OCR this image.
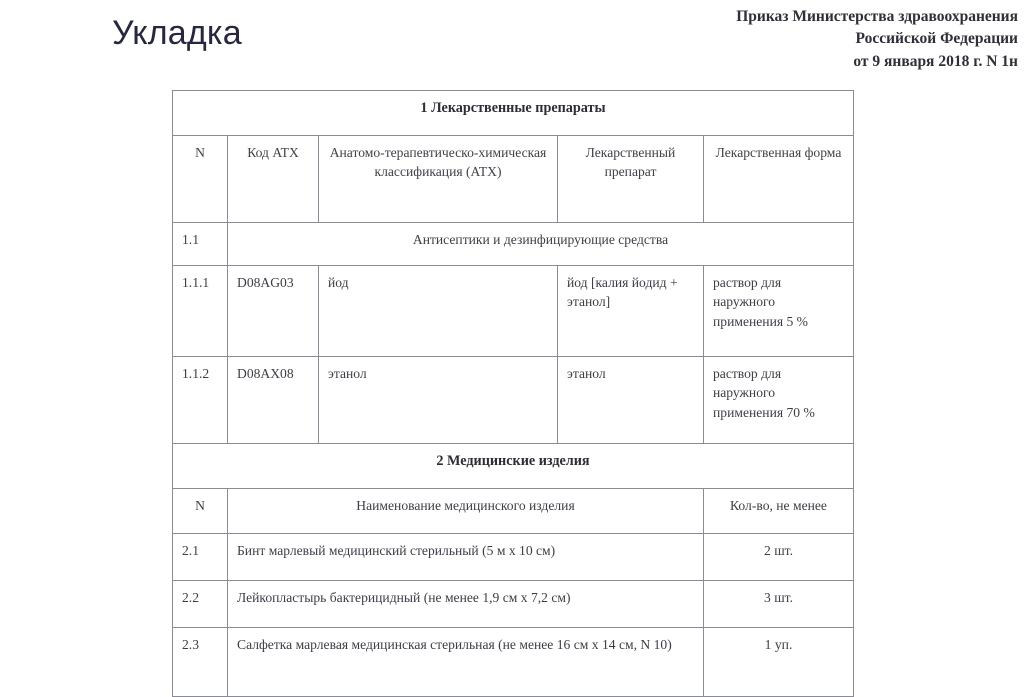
Укладка	Приказ Министерства здравоохранения
Российской Федерации
от 9 января 2018 г. N 1н
1 Лекарственные препараты				
N	Код ATX	Анатомо-терапевтическо-химическая классификация (ATX)	Лекарственный препарат	Лекарственная форма
1.1	Антисептики и дезинфицирующие средства			
1.1.1	D08AG03	йод	йод [калия йодид + этанол]	раствор для наружного применения 5 %
1.1.2	D08AX08	этанол	этанол	раствор для наружного применения 70 %
2 Медицинские изделия				
N	Наименование медицинского изделия			Кол-во, не менее
2.1	Бинт марлевый медицинский стерильный (5 м х 10 см)			2 шт.
2.2	Лейкопластырь бактерицидный (не менее 1,9 см х 7,2 см)			3 шт.
2.3	Салфетка марлевая медицинская стерильная (не менее 16 см х 14 см, N 10)			1 уп.
